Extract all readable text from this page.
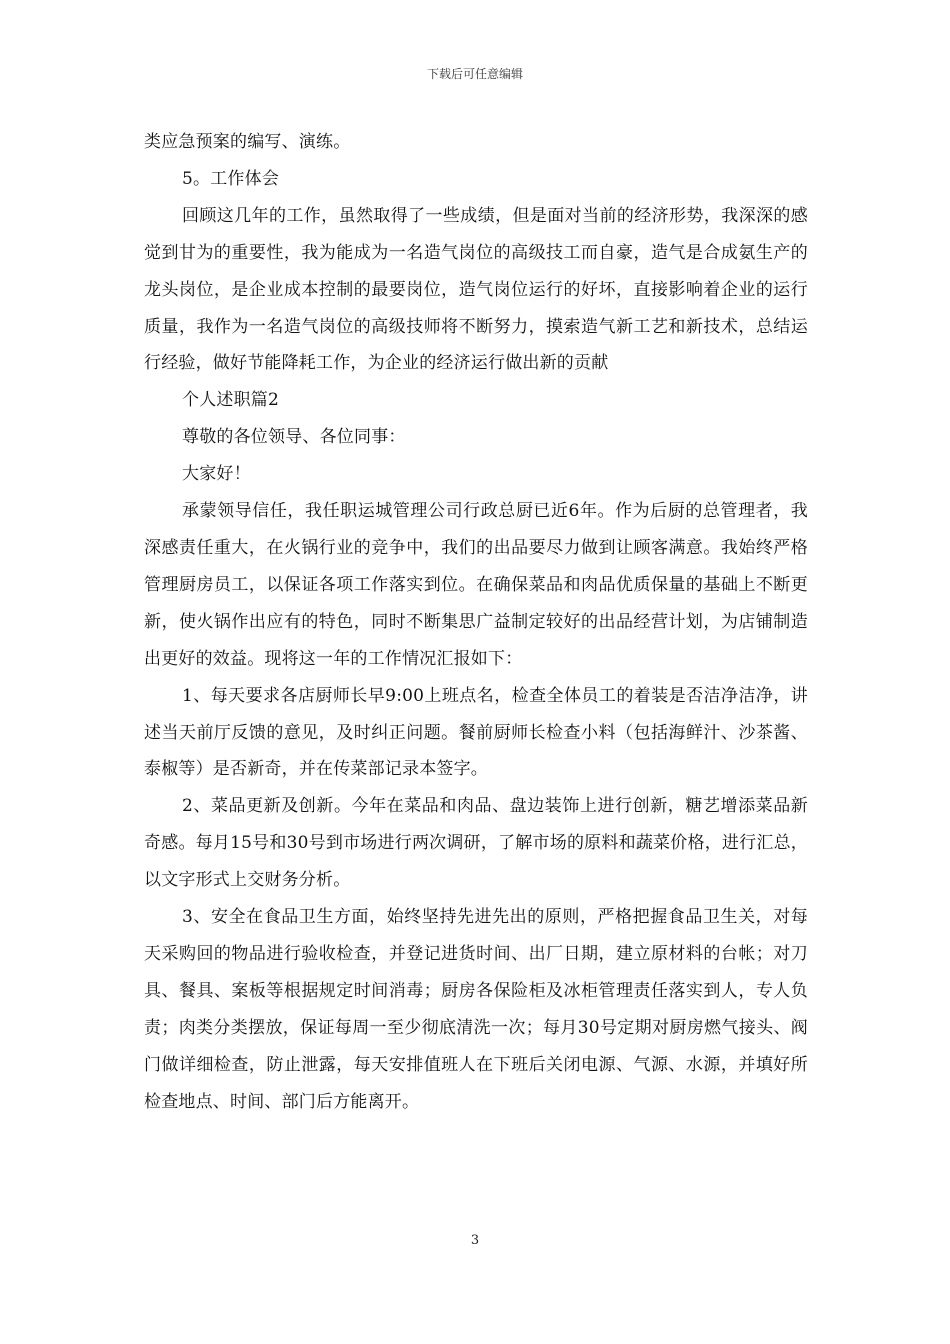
下载后可任意编辑

类应急预案的编写、演练。

5。工作体会

回顾这几年的工作，虽然取得了一些成绩，但是面对当前的经济形势，我深深的感觉到甘为的重要性，我为能成为一名造气岗位的高级技工而自豪，造气是合成氨生产的龙头岗位，是企业成本控制的最要岗位，造气岗位运行的好坏，直接影响着企业的运行质量，我作为一名造气岗位的高级技师将不断努力，摸索造气新工艺和新技术，总结运行经验，做好节能降耗工作，为企业的经济运行做出新的贡献

个人述职篇2

尊敬的各位领导、各位同事：

大家好！

承蒙领导信任，我任职运城管理公司行政总厨已近6年。作为后厨的总管理者，我深感责任重大，在火锅行业的竞争中，我们的出品要尽力做到让顾客满意。我始终严格管理厨房员工，以保证各项工作落实到位。在确保菜品和肉品优质保量的基础上不断更新，使火锅作出应有的特色，同时不断集思广益制定较好的出品经营计划，为店铺制造出更好的效益。现将这一年的工作情况汇报如下：

1、每天要求各店厨师长早9:00上班点名，检查全体员工的着装是否洁净洁净，讲述当天前厅反馈的意见，及时纠正问题。餐前厨师长检查小料（包括海鲜汁、沙茶酱、泰椒等）是否新奇，并在传菜部记录本签字。

2、菜品更新及创新。今年在菜品和肉品、盘边装饰上进行创新，糖艺增添菜品新奇感。每月15号和30号到市场进行两次调研，了解市场的原料和蔬菜价格，进行汇总，以文字形式上交财务分析。

3、安全在食品卫生方面，始终坚持先进先出的原则，严格把握食品卫生关，对每天采购回的物品进行验收检查，并登记进货时间、出厂日期，建立原材料的台帐；对刀具、餐具、案板等根据规定时间消毒；厨房各保险柜及冰柜管理责任落实到人，专人负责；肉类分类摆放，保证每周一至少彻底清洗一次；每月30号定期对厨房燃气接头、阀门做详细检查，防止泄露，每天安排值班人在下班后关闭电源、气源、水源，并填好所检查地点、时间、部门后方能离开。

3
